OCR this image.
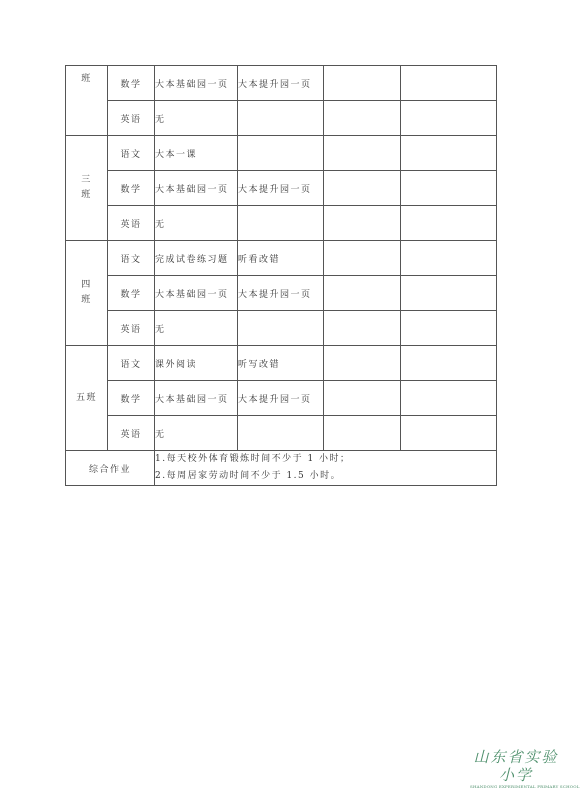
班	数学	大本基础园一页	大本提升园一页		
	英语	无			

三
班	语文	大本一课			
	数学	大本基础园一页	大本提升园一页		
	英语	无			

四
班	语文	完成试卷练习题	听看改错		
	数学	大本基础园一页	大本提升园一页		
	英语	无			

五班	语文	课外阅读	听写改错		
	数学	大本基础园一页	大本提升园一页		
	英语	无			
综合作业		1.每天校外体育锻炼时间不少于 1 小时；
2.每周居家劳动时间不少于 1.5 小时。			
山东省实验小学
SHANDONG EXPERIMENTAL PRIMARY SCHOOL
